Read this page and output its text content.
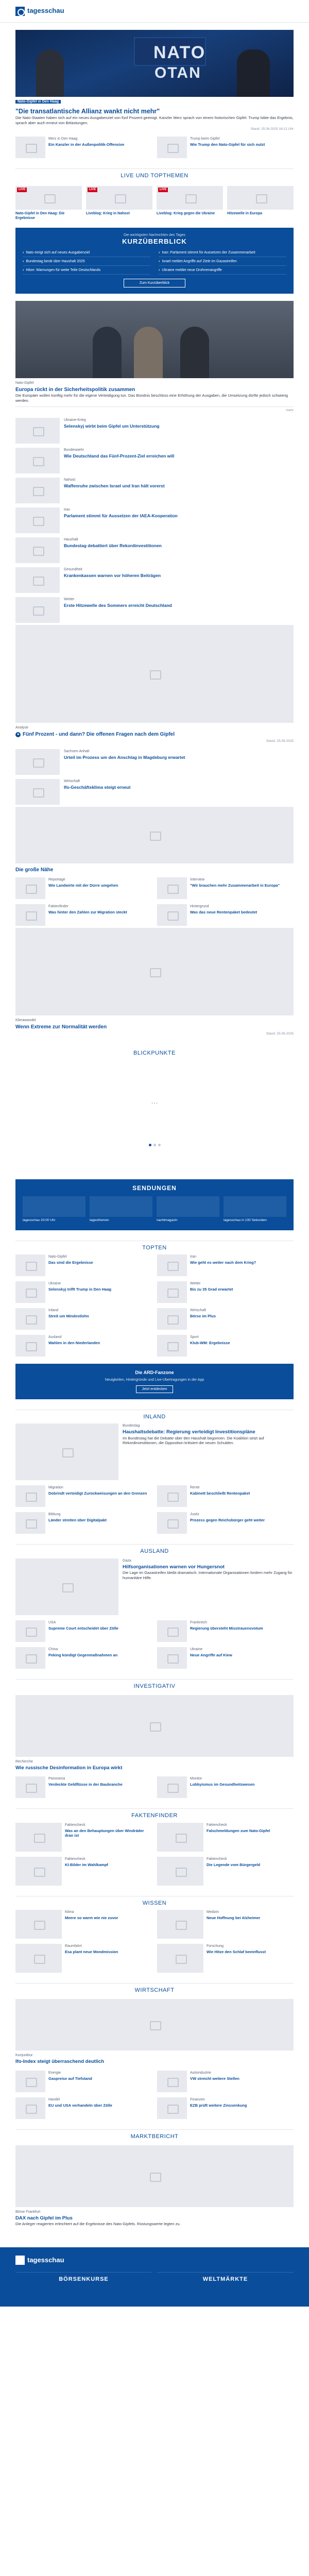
tagesschau
NATO
OTAN
Nato-Gipfel in Den Haag
"Die transatlantische Allianz wankt nicht mehr"
Die Nato-Staaten haben sich auf ein neues Ausgabenziel von fünf Prozent geeinigt. Kanzler Merz sprach von einem historischen Gipfel. Trump lobte das Ergebnis, sprach aber auch erneut von Belastungen.
Stand: 25.06.2025 16:12 Uhr
Merz in Den Haag
Ein Kanzler in der Außenpolitik-Offensive
Trump beim Gipfel
Wie Trump den Nato-Gipfel für sich nutzt
LIVE UND TOPTHEMEN
LIVE
Nato-Gipfel in Den Haag: Die Ergebnisse
LIVE
Liveblog: Krieg in Nahost
LIVE
Liveblog: Krieg gegen die Ukraine	Hitzewelle in Europa
Die wichtigsten Nachrichten des Tages
KURZÜBERBLICK
› Nato einigt sich auf neues Ausgabenziel	› Iran: Parlament stimmt für Aussetzen der Zusammenarbeit
› Bundestag berät über Haushalt 2025	› Israel meldet Angriffe auf Ziele im Gazastreifen
› Hitze: Warnungen für weite Teile Deutschlands	› Ukraine meldet neue Drohnenangriffe
Zum Kurzüberblick
Nato-Gipfel
Europa rückt in der Sicherheitspolitik zusammen
Die Europäer wollen künftig mehr für die eigene Verteidigung tun. Das Bündnis beschloss eine Erhöhung der Ausgaben, die Umsetzung dürfte jedoch schwierig werden.
mehr
Ukraine-Krieg
Selenskyj wirbt beim Gipfel um Unterstützung
Bundeswehr
Wie Deutschland das Fünf-Prozent-Ziel erreichen will
Nahost
Waffenruhe zwischen Israel und Iran hält vorerst
Iran
Parlament stimmt für Aussetzen der IAEA-Kooperation
Haushalt
Bundestag debattiert über Rekordinvestitionen
Gesundheit
Krankenkassen warnen vor höheren Beiträgen
Wetter
Erste Hitzewelle des Sommers erreicht Deutschland
Analyse
Fünf Prozent - und dann? Die offenen Fragen nach dem Gipfel
Stand: 25.06.2025
Sachsen-Anhalt
Urteil im Prozess um den Anschlag in Magdeburg erwartet
Wirtschaft
Ifo-Geschäftsklima steigt erneut
Die große Nähe
Reportage
Wie Landwirte mit der Dürre umgehen
Interview
"Wir brauchen mehr Zusammenarbeit in Europa"
Faktenfinder
Was hinter den Zahlen zur Migration steckt
Hintergrund
Was das neue Rentenpaket bedeutet
Klimawandel
Wenn Extreme zur Normalität werden
Stand: 25.06.2025
BLICKPUNKTE
…
SENDUNGEN
tagesschau 20:00 Uhr	tagesthemen	nachtmagazin	tagesschau in 100 Sekunden
TOPTEN
Nato-Gipfel
Das sind die Ergebnisse
Iran
Wie geht es weiter nach dem Krieg?
Ukraine
Selenskyj trifft Trump in Den Haag
Wetter
Bis zu 35 Grad erwartet
Inland
Streit um Mindestlohn
Wirtschaft
Börse im Plus
Ausland
Wahlen in den Niederlanden
Sport
Klub-WM: Ergebnisse
Die ARD-Fanzone
Neuigkeiten, Hintergründe und Live-Übertragungen in der App
Jetzt entdecken
INLAND
Bundestag
Haushaltsdebatte: Regierung verteidigt Investitionspläne
Im Bundestag hat die Debatte über den Haushalt begonnen. Die Koalition setzt auf Rekordinvestitionen, die Opposition kritisiert die neuen Schulden.
Migration
Dobrindt verteidigt Zurückweisungen an den Grenzen
Rente
Kabinett beschließt Rentenpaket
Bildung
Länder streiten über Digitalpakt
Justiz
Prozess gegen Reichsbürger geht weiter
AUSLAND
Gaza
Hilfsorganisationen warnen vor Hungersnot
Die Lage im Gazastreifen bleibt dramatisch. Internationale Organisationen fordern mehr Zugang für humanitäre Hilfe.
USA
Supreme Court entscheidet über Zölle
Frankreich
Regierung übersteht Misstrauensvotum
China
Peking kündigt Gegenmaßnahmen an
Ukraine
Neue Angriffe auf Kiew
INVESTIGATIV
Recherche
Wie russische Desinformation in Europa wirkt
Panorama
Verdeckte Geldflüsse in der Baubranche
Monitor
Lobbyismus im Gesundheitswesen
FAKTENFINDER
Faktencheck
Was an den Behauptungen über Windräder dran ist
Faktencheck
Falschmeldungen zum Nato-Gipfel
Faktencheck
KI-Bilder im Wahlkampf
Faktencheck
Die Legende vom Bürgergeld
WISSEN
Klima
Meere so warm wie nie zuvor
Medizin
Neue Hoffnung bei Alzheimer
Raumfahrt
Esa plant neue Mondmission
Forschung
Wie Hitze den Schlaf beeinflusst
WIRTSCHAFT
Konjunktur
Ifo-Index steigt überraschend deutlich
Energie
Gaspreise auf Tiefstand
Autoindustrie
VW streicht weitere Stellen
Handel
EU und USA verhandeln über Zölle
Finanzen
EZB prüft weitere Zinssenkung
MARKTBERICHT
Börse Frankfurt
DAX nach Gipfel im Plus
Die Anleger reagierten erleichtert auf die Ergebnisse des Nato-Gipfels. Rüstungswerte legten zu.
tagesschau
BÖRSENKURSE	WELTMÄRKTE
